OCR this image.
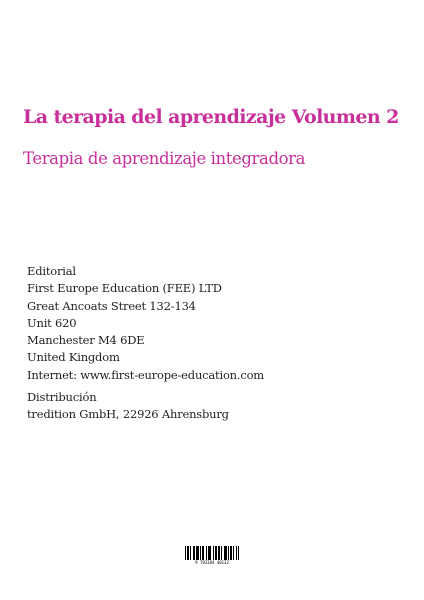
La terapia del aprendizaje Volumen 2
Terapia de aprendizaje integradora
Editorial
First Europe Education (FEE) LTD
Great Ancoats Street 132-134
Unit 620
Manchester M4 6DE
United Kingdom
Internet: www.first-europe-education.com
Distribución
tredition GmbH, 22926 Ahrensburg
9 783384 40132
